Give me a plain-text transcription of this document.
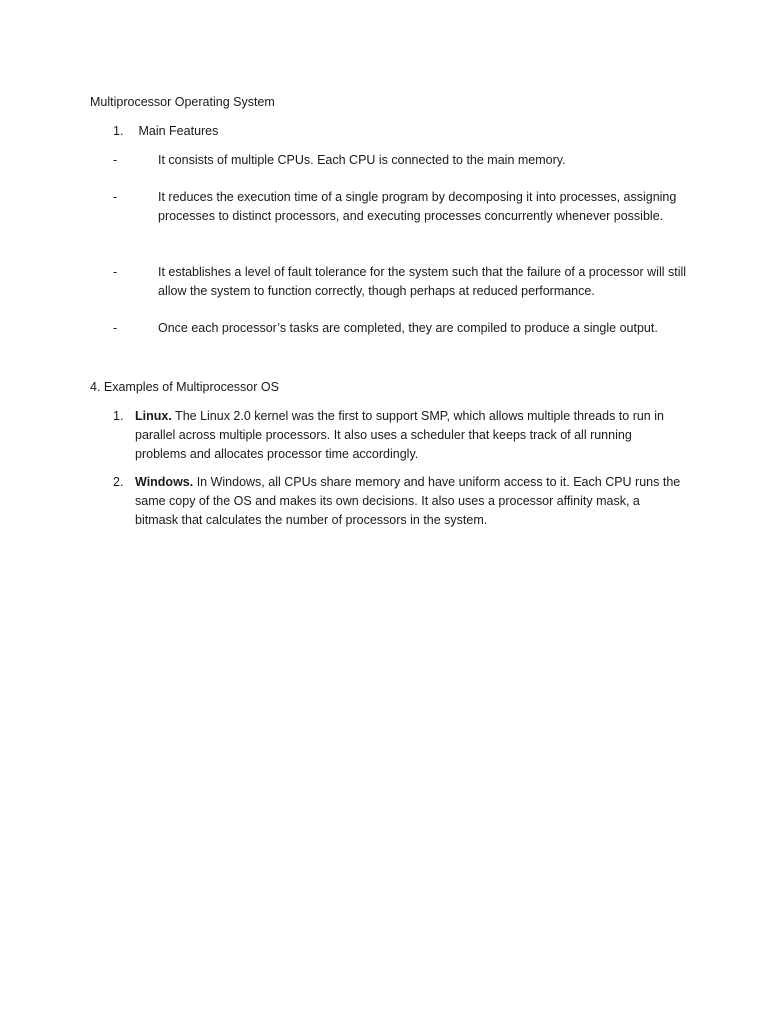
Multiprocessor Operating System
1. Main Features
-	It consists of multiple CPUs. Each CPU is connected to the main memory.
-	It reduces the execution time of a single program by decomposing it into processes, assigning processes to distinct processors, and executing processes concurrently whenever possible.
-	It establishes a level of fault tolerance for the system such that the failure of a processor will still allow the system to function correctly, though perhaps at reduced performance.
-	Once each processor’s tasks are completed, they are compiled to produce a single output.
4. Examples of Multiprocessor OS
1. Linux. The Linux 2.0 kernel was the first to support SMP, which allows multiple threads to run in parallel across multiple processors. It also uses a scheduler that keeps track of all running problems and allocates processor time accordingly.
2. Windows. In Windows, all CPUs share memory and have uniform access to it. Each CPU runs the same copy of the OS and makes its own decisions. It also uses a processor affinity mask, a bitmask that calculates the number of processors in the system.
